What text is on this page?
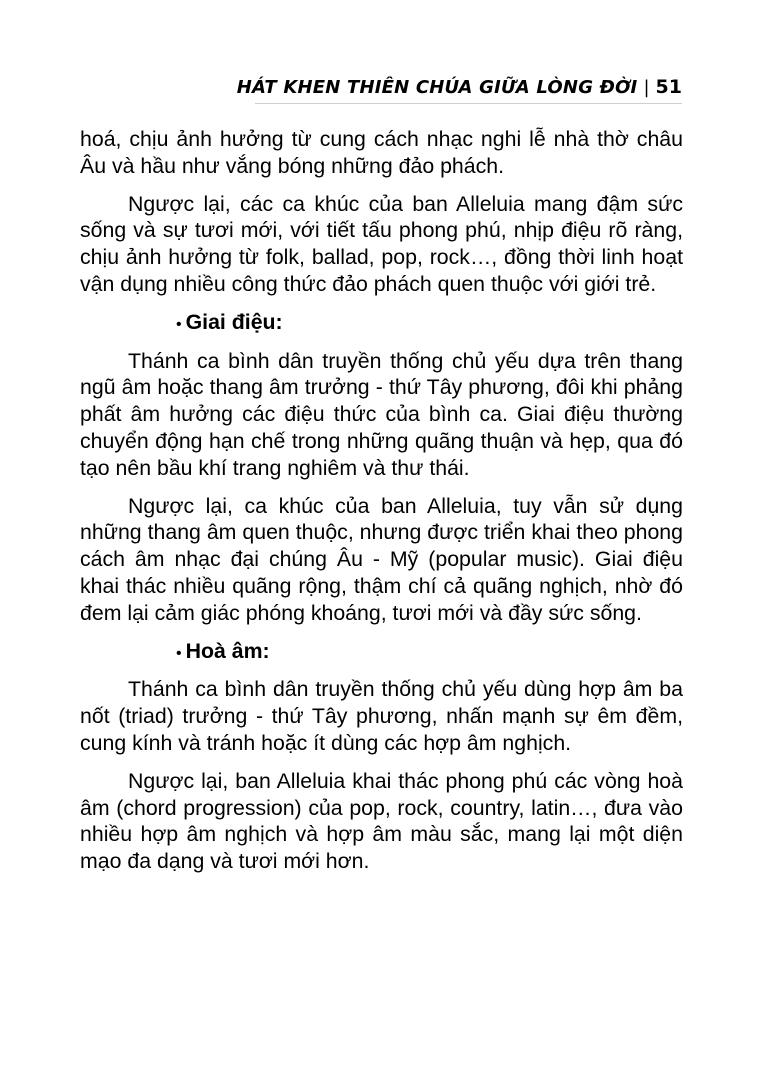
HÁT KHEN THIÊN CHÚA GIỮA LÒNG ĐỜI | 51

hoá, chịu ảnh hưởng từ cung cách nhạc nghi lễ nhà thờ châu Âu và hầu như vắng bóng những đảo phách.

Ngược lại, các ca khúc của ban Alleluia mang đậm sức sống và sự tươi mới, với tiết tấu phong phú, nhịp điệu rõ ràng, chịu ảnh hưởng từ folk, ballad, pop, rock…, đồng thời linh hoạt vận dụng nhiều công thức đảo phách quen thuộc với giới trẻ.

• Giai điệu:

Thánh ca bình dân truyền thống chủ yếu dựa trên thang ngũ âm hoặc thang âm trưởng - thứ Tây phương, đôi khi phảng phất âm hưởng các điệu thức của bình ca. Giai điệu thường chuyển động hạn chế trong những quãng thuận và hẹp, qua đó tạo nên bầu khí trang nghiêm và thư thái.

Ngược lại, ca khúc của ban Alleluia, tuy vẫn sử dụng những thang âm quen thuộc, nhưng được triển khai theo phong cách âm nhạc đại chúng Âu - Mỹ (popular music). Giai điệu khai thác nhiều quãng rộng, thậm chí cả quãng nghịch, nhờ đó đem lại cảm giác phóng khoáng, tươi mới và đầy sức sống.

• Hoà âm:

Thánh ca bình dân truyền thống chủ yếu dùng hợp âm ba nốt (triad) trưởng - thứ Tây phương, nhấn mạnh sự êm đềm, cung kính và tránh hoặc ít dùng các hợp âm nghịch.

Ngược lại, ban Alleluia khai thác phong phú các vòng hoà âm (chord progression) của pop, rock, country, latin…, đưa vào nhiều hợp âm nghịch và hợp âm màu sắc, mang lại một diện mạo đa dạng và tươi mới hơn.
